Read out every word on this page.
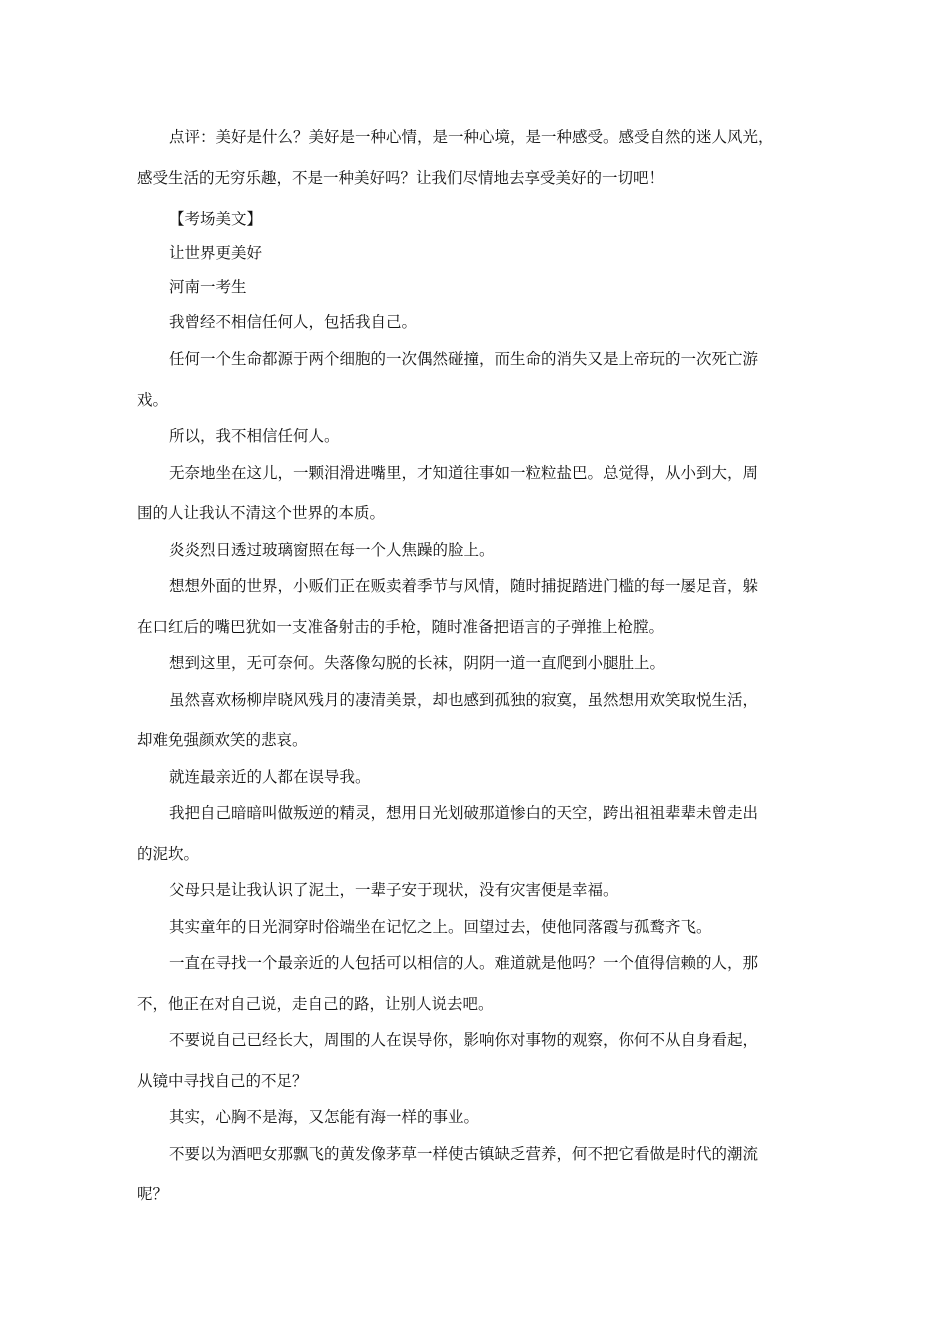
点评：美好是什么？美好是一种心情，是一种心境，是一种感受。感受自然的迷人风光，
感受生活的无穷乐趣，不是一种美好吗？让我们尽情地去享受美好的一切吧！
【考场美文】
让世界更美好
河南一考生
我曾经不相信任何人，包括我自己。
任何一个生命都源于两个细胞的一次偶然碰撞，而生命的消失又是上帝玩的一次死亡游
戏。
所以，我不相信任何人。
无奈地坐在这儿，一颗泪滑进嘴里，才知道往事如一粒粒盐巴。总觉得，从小到大，周
围的人让我认不清这个世界的本质。
炎炎烈日透过玻璃窗照在每一个人焦躁的脸上。
想想外面的世界，小贩们正在贩卖着季节与风情，随时捕捉踏进门槛的每一屡足音，躲
在口红后的嘴巴犹如一支准备射击的手枪，随时准备把语言的子弹推上枪膛。
想到这里，无可奈何。失落像勾脱的长袜，阴阴一道一直爬到小腿肚上。
虽然喜欢杨柳岸晓风残月的凄清美景，却也感到孤独的寂寞，虽然想用欢笑取悦生活，
却难免强颜欢笑的悲哀。
就连最亲近的人都在误导我。
我把自己暗暗叫做叛逆的精灵，想用日光划破那道惨白的天空，跨出祖祖辈辈未曾走出
的泥坎。
父母只是让我认识了泥土，一辈子安于现状，没有灾害便是幸福。
其实童年的日光洞穿时俗端坐在记忆之上。回望过去，使他同落霞与孤鹜齐飞。
一直在寻找一个最亲近的人包括可以相信的人。难道就是他吗？一个值得信赖的人，那
不，他正在对自己说，走自己的路，让别人说去吧。
不要说自己已经长大，周围的人在误导你，影响你对事物的观察，你何不从自身看起，
从镜中寻找自己的不足？
其实，心胸不是海，又怎能有海一样的事业。
不要以为酒吧女那飘飞的黄发像茅草一样使古镇缺乏营养，何不把它看做是时代的潮流
呢？
